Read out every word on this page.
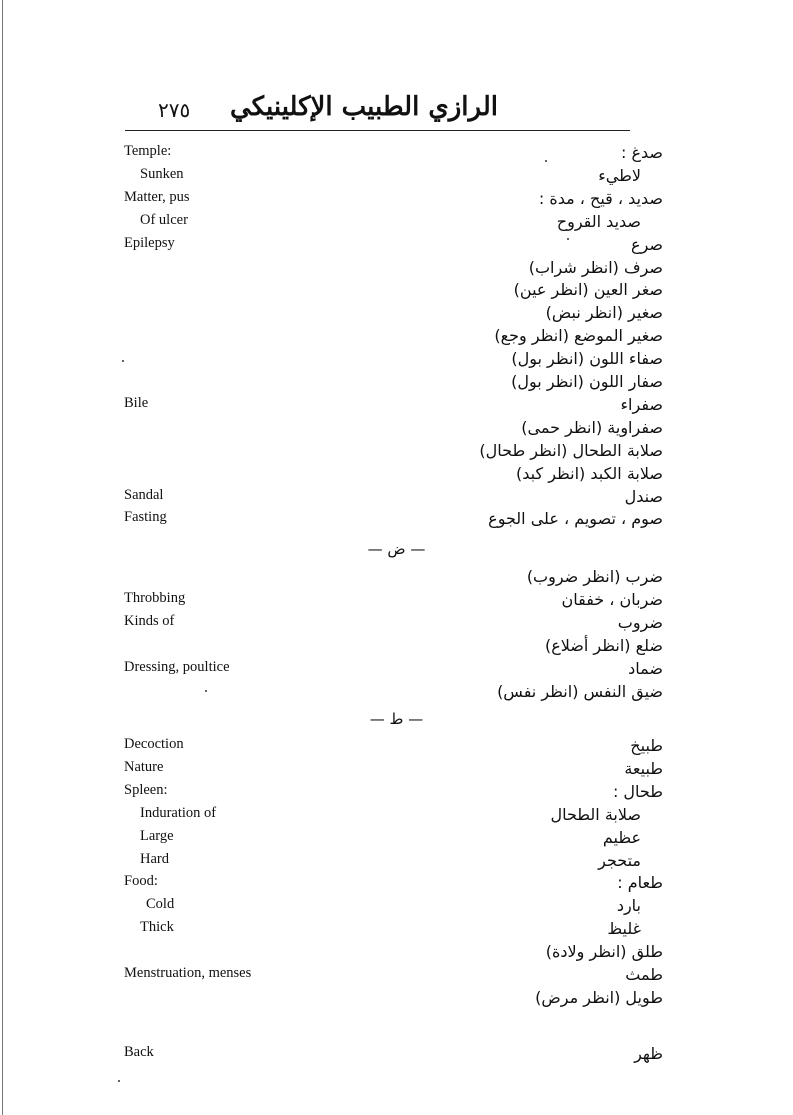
٢٧٥ الرازي الطبيب الإكلينيكي
Temple:	صدغ :
Sunken	لاطيء
Matter, pus	صديد ، قيح ، مدة :
Of ulcer	صديد القروح
Epilepsy	صرع
صرف (انظر شراب)
صغر العين (انظر عين)
صغير (انظر نبض)
صغير الموضع (انظر وجع)
صفاء اللون (انظر بول)
صفار اللون (انظر بول)
Bile	صفراء
صفراوية (انظر حمى)
صلابة الطحال (انظر طحال)
صلابة الكبد (انظر كبد)
Sandal	صندل
Fasting	صوم ، تصويم ، على الجوع
— ض —
ضرب (انظر ضروب)
Throbbing	ضربان ، خفقان
Kinds of	ضروب
ضلع (انظر أضلاع)
Dressing, poultice	ضماد
ضيق النفس (انظر نفس)
— ط —
Decoction	طبيخ
Nature	طبيعة
Spleen:	طحال :
Induration of	صلابة الطحال
Large	عظيم
Hard	متحجر
Food:	طعام :
Cold	بارد
Thick	غليظ
طلق (انظر ولادة)
Menstruation, menses	طمث
طويل (انظر مرض)
Back	ظهر
